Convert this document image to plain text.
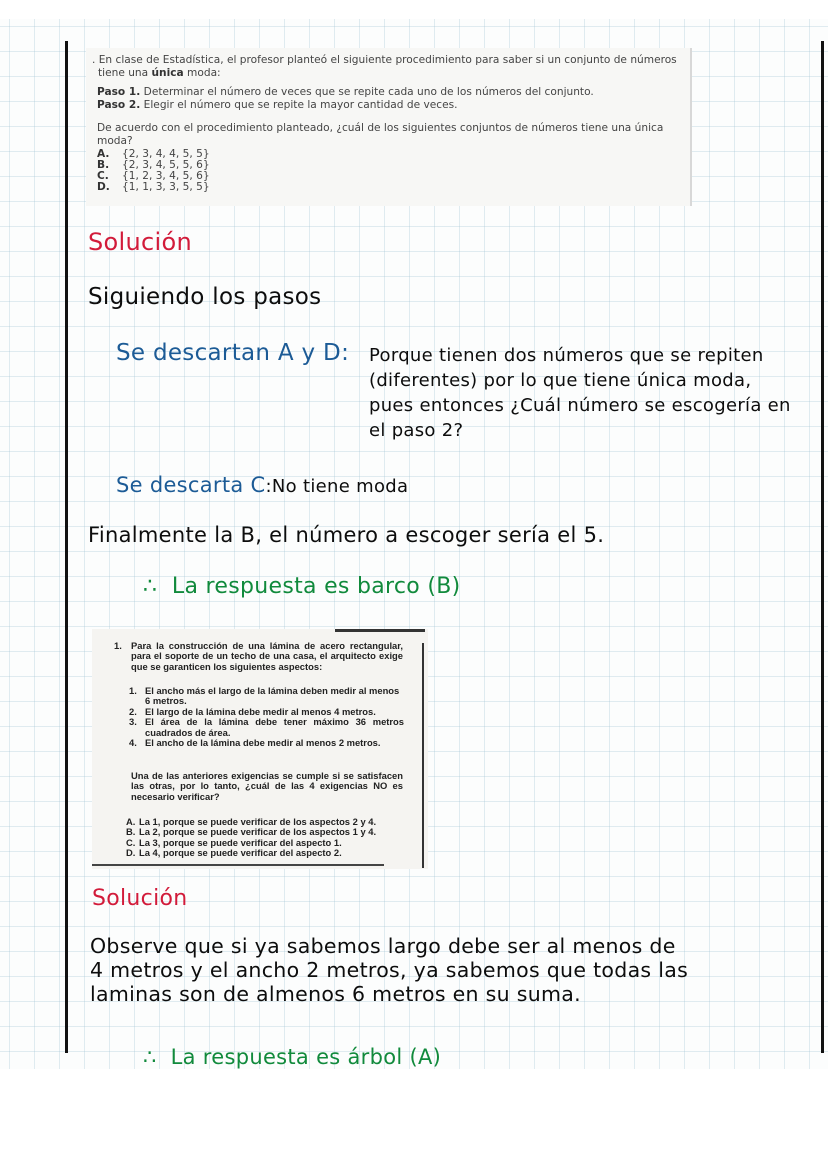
. En clase de Estadística, el profesor planteó el siguiente procedimiento para saber si un conjunto de números
tiene una única moda:
Paso 1. Determinar el número de veces que se repite cada uno de los números del conjunto.
Paso 2. Elegir el número que se repite la mayor cantidad de veces.
De acuerdo con el procedimiento planteado, ¿cuál de los siguientes conjuntos de números tiene una única moda?
A.	{2, 3, 4, 4, 5, 5}
B.	{2, 3, 4, 5, 5, 6}
C.	{1, 2, 3, 4, 5, 6}
D.	{1, 1, 3, 3, 5, 5}
Solución
Siguiendo los pasos
Se descartan A y D: Porque tienen dos números que se repiten
(diferentes) por lo que tiene única moda,
pues entonces ¿Cuál número se escogería en
el paso 2?
Se descarta C:No tiene moda
Finalmente la B, el número a escoger sería el 5.
∴ La respuesta es barco (B)
1. Para la construcción de una lámina de acero rectangular, para el soporte de un techo de una casa, el arquitecto exige que se garanticen los siguientes aspectos:
1. El ancho más el largo de la lámina deben medir al menos 6 metros.
2. El largo de la lámina debe medir al menos 4 metros.
3. El área de la lámina debe tener máximo 36 metros cuadrados de área.
4. El ancho de la lámina debe medir al menos 2 metros.
Una de las anteriores exigencias se cumple si se satisfacen las otras, por lo tanto, ¿cuál de las 4 exigencias NO es necesario verificar?
A. La 1, porque se puede verificar de los aspectos 2 y 4.
B. La 2, porque se puede verificar de los aspectos 1 y 4.
C. La 3, porque se puede verificar del aspecto 1.
D. La 4, porque se puede verificar del aspecto 2.
Solución
Observe que si ya sabemos largo debe ser al menos de
4 metros y el ancho 2 metros, ya sabemos que todas las
laminas son de almenos 6 metros en su suma.
∴ La respuesta es árbol (A)
